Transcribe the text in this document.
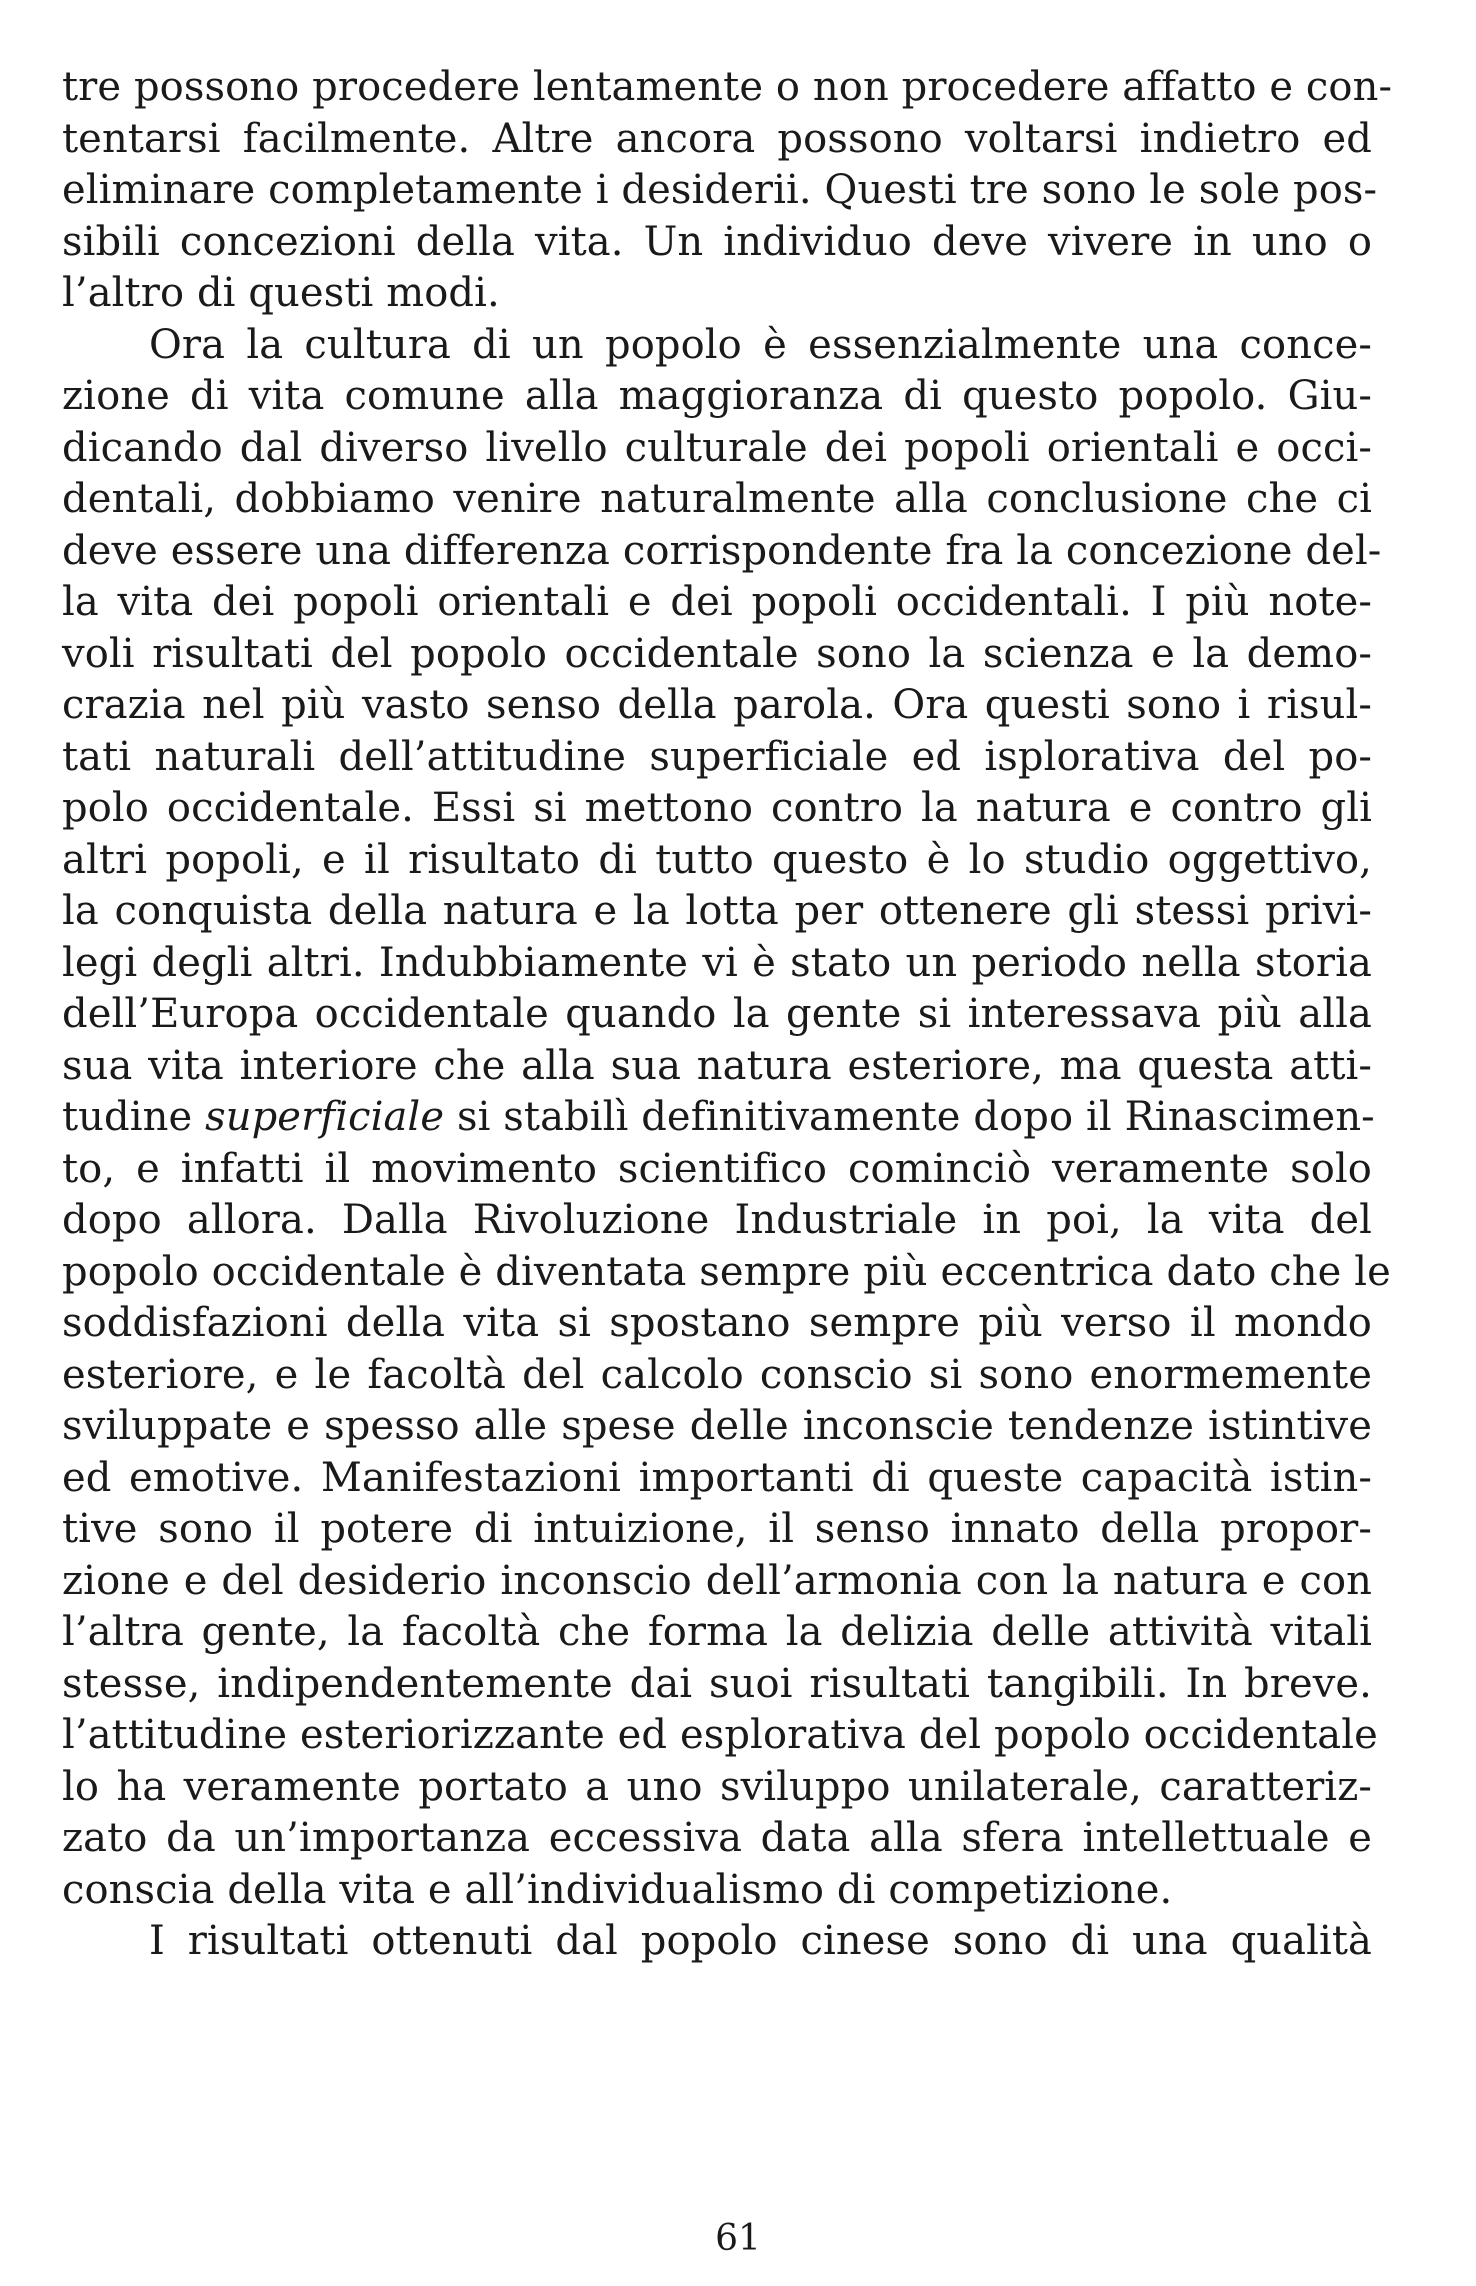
tre possono procedere lentamente o non procedere affatto e con-
tentarsi facilmente. Altre ancora possono voltarsi indietro ed
eliminare completamente i desiderii. Questi tre sono le sole pos-
sibili concezioni della vita. Un individuo deve vivere in uno o
l’altro di questi modi.
Ora la cultura di un popolo è essenzialmente una conce-
zione di vita comune alla maggioranza di questo popolo. Giu-
dicando dal diverso livello culturale dei popoli orientali e occi-
dentali, dobbiamo venire naturalmente alla conclusione che ci
deve essere una differenza corrispondente fra la concezione del-
la vita dei popoli orientali e dei popoli occidentali. I più note-
voli risultati del popolo occidentale sono la scienza e la demo-
crazia nel più vasto senso della parola. Ora questi sono i risul-
tati naturali dell’attitudine superficiale ed isplorativa del po-
polo occidentale. Essi si mettono contro la natura e contro gli
altri popoli, e il risultato di tutto questo è lo studio oggettivo,
la conquista della natura e la lotta per ottenere gli stessi privi-
legi degli altri. Indubbiamente vi è stato un periodo nella storia
dell’Europa occidentale quando la gente si interessava più alla
sua vita interiore che alla sua natura esteriore, ma questa atti-
tudine superficiale si stabilì definitivamente dopo il Rinascimen-
to, e infatti il movimento scientifico cominciò veramente solo
dopo allora. Dalla Rivoluzione Industriale in poi, la vita del
popolo occidentale è diventata sempre più eccentrica dato che le
soddisfazioni della vita si spostano sempre più verso il mondo
esteriore, e le facoltà del calcolo conscio si sono enormemente
sviluppate e spesso alle spese delle inconscie tendenze istintive
ed emotive. Manifestazioni importanti di queste capacità istin-
tive sono il potere di intuizione, il senso innato della propor-
zione e del desiderio inconscio dell’armonia con la natura e con
l’altra gente, la facoltà che forma la delizia delle attività vitali
stesse, indipendentemente dai suoi risultati tangibili. In breve.
l’attitudine esteriorizzante ed esplorativa del popolo occidentale
lo ha veramente portato a uno sviluppo unilaterale, caratteriz-
zato da un’importanza eccessiva data alla sfera intellettuale e
conscia della vita e all’individualismo di competizione.
I risultati ottenuti dal popolo cinese sono di una qualità
61
